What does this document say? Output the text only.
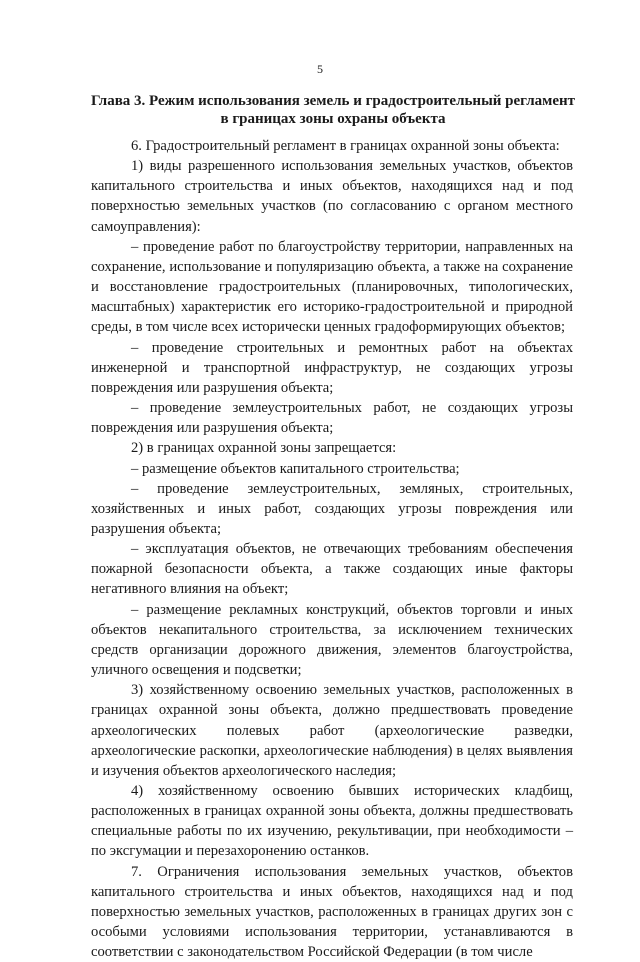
5
Глава 3. Режим использования земель и градостроительный регламент в границах зоны охраны объекта

6. Градостроительный регламент в границах охранной зоны объекта:

1) виды разрешенного использования земельных участков, объектов капитального строительства и иных объектов, находящихся над и под поверхностью земельных участков (по согласованию с органом местного самоуправления):

– проведение работ по благоустройству территории, направленных на сохранение, использование и популяризацию объекта, а также на сохранение и восстановление градостроительных (планировочных, типологических, масштабных) характеристик его историко-градостроительной и природной среды, в том числе всех исторически ценных градоформирующих объектов;

– проведение строительных и ремонтных работ на объектах инженерной и транспортной инфраструктур, не создающих угрозы повреждения или разрушения объекта;

– проведение землеустроительных работ, не создающих угрозы повреждения или разрушения объекта;

2) в границах охранной зоны запрещается:

– размещение объектов капитального строительства;

– проведение землеустроительных, земляных, строительных, хозяйственных и иных работ, создающих угрозы повреждения или разрушения объекта;

– эксплуатация объектов, не отвечающих требованиям обеспечения пожарной безопасности объекта, а также создающих иные факторы негативного влияния на объект;

– размещение рекламных конструкций, объектов торговли и иных объектов некапитального строительства, за исключением технических средств организации дорожного движения, элементов благоустройства, уличного освещения и подсветки;

3) хозяйственному освоению земельных участков, расположенных в границах охранной зоны объекта, должно предшествовать проведение археологических полевых работ (археологические разведки, археологические раскопки, археологические наблюдения) в целях выявления и изучения объектов археологического наследия;

4) хозяйственному освоению бывших исторических кладбищ, расположенных в границах охранной зоны объекта, должны предшествовать специальные работы по их изучению, рекультивации, при необходимости – по эксгумации и перезахоронению останков.

7. Ограничения использования земельных участков, объектов капитального строительства и иных объектов, находящихся над и под поверхностью земельных участков, расположенных в границах других зон с особыми условиями использования территории, устанавливаются в соответствии с законодательством Российской Федерации (в том числе
